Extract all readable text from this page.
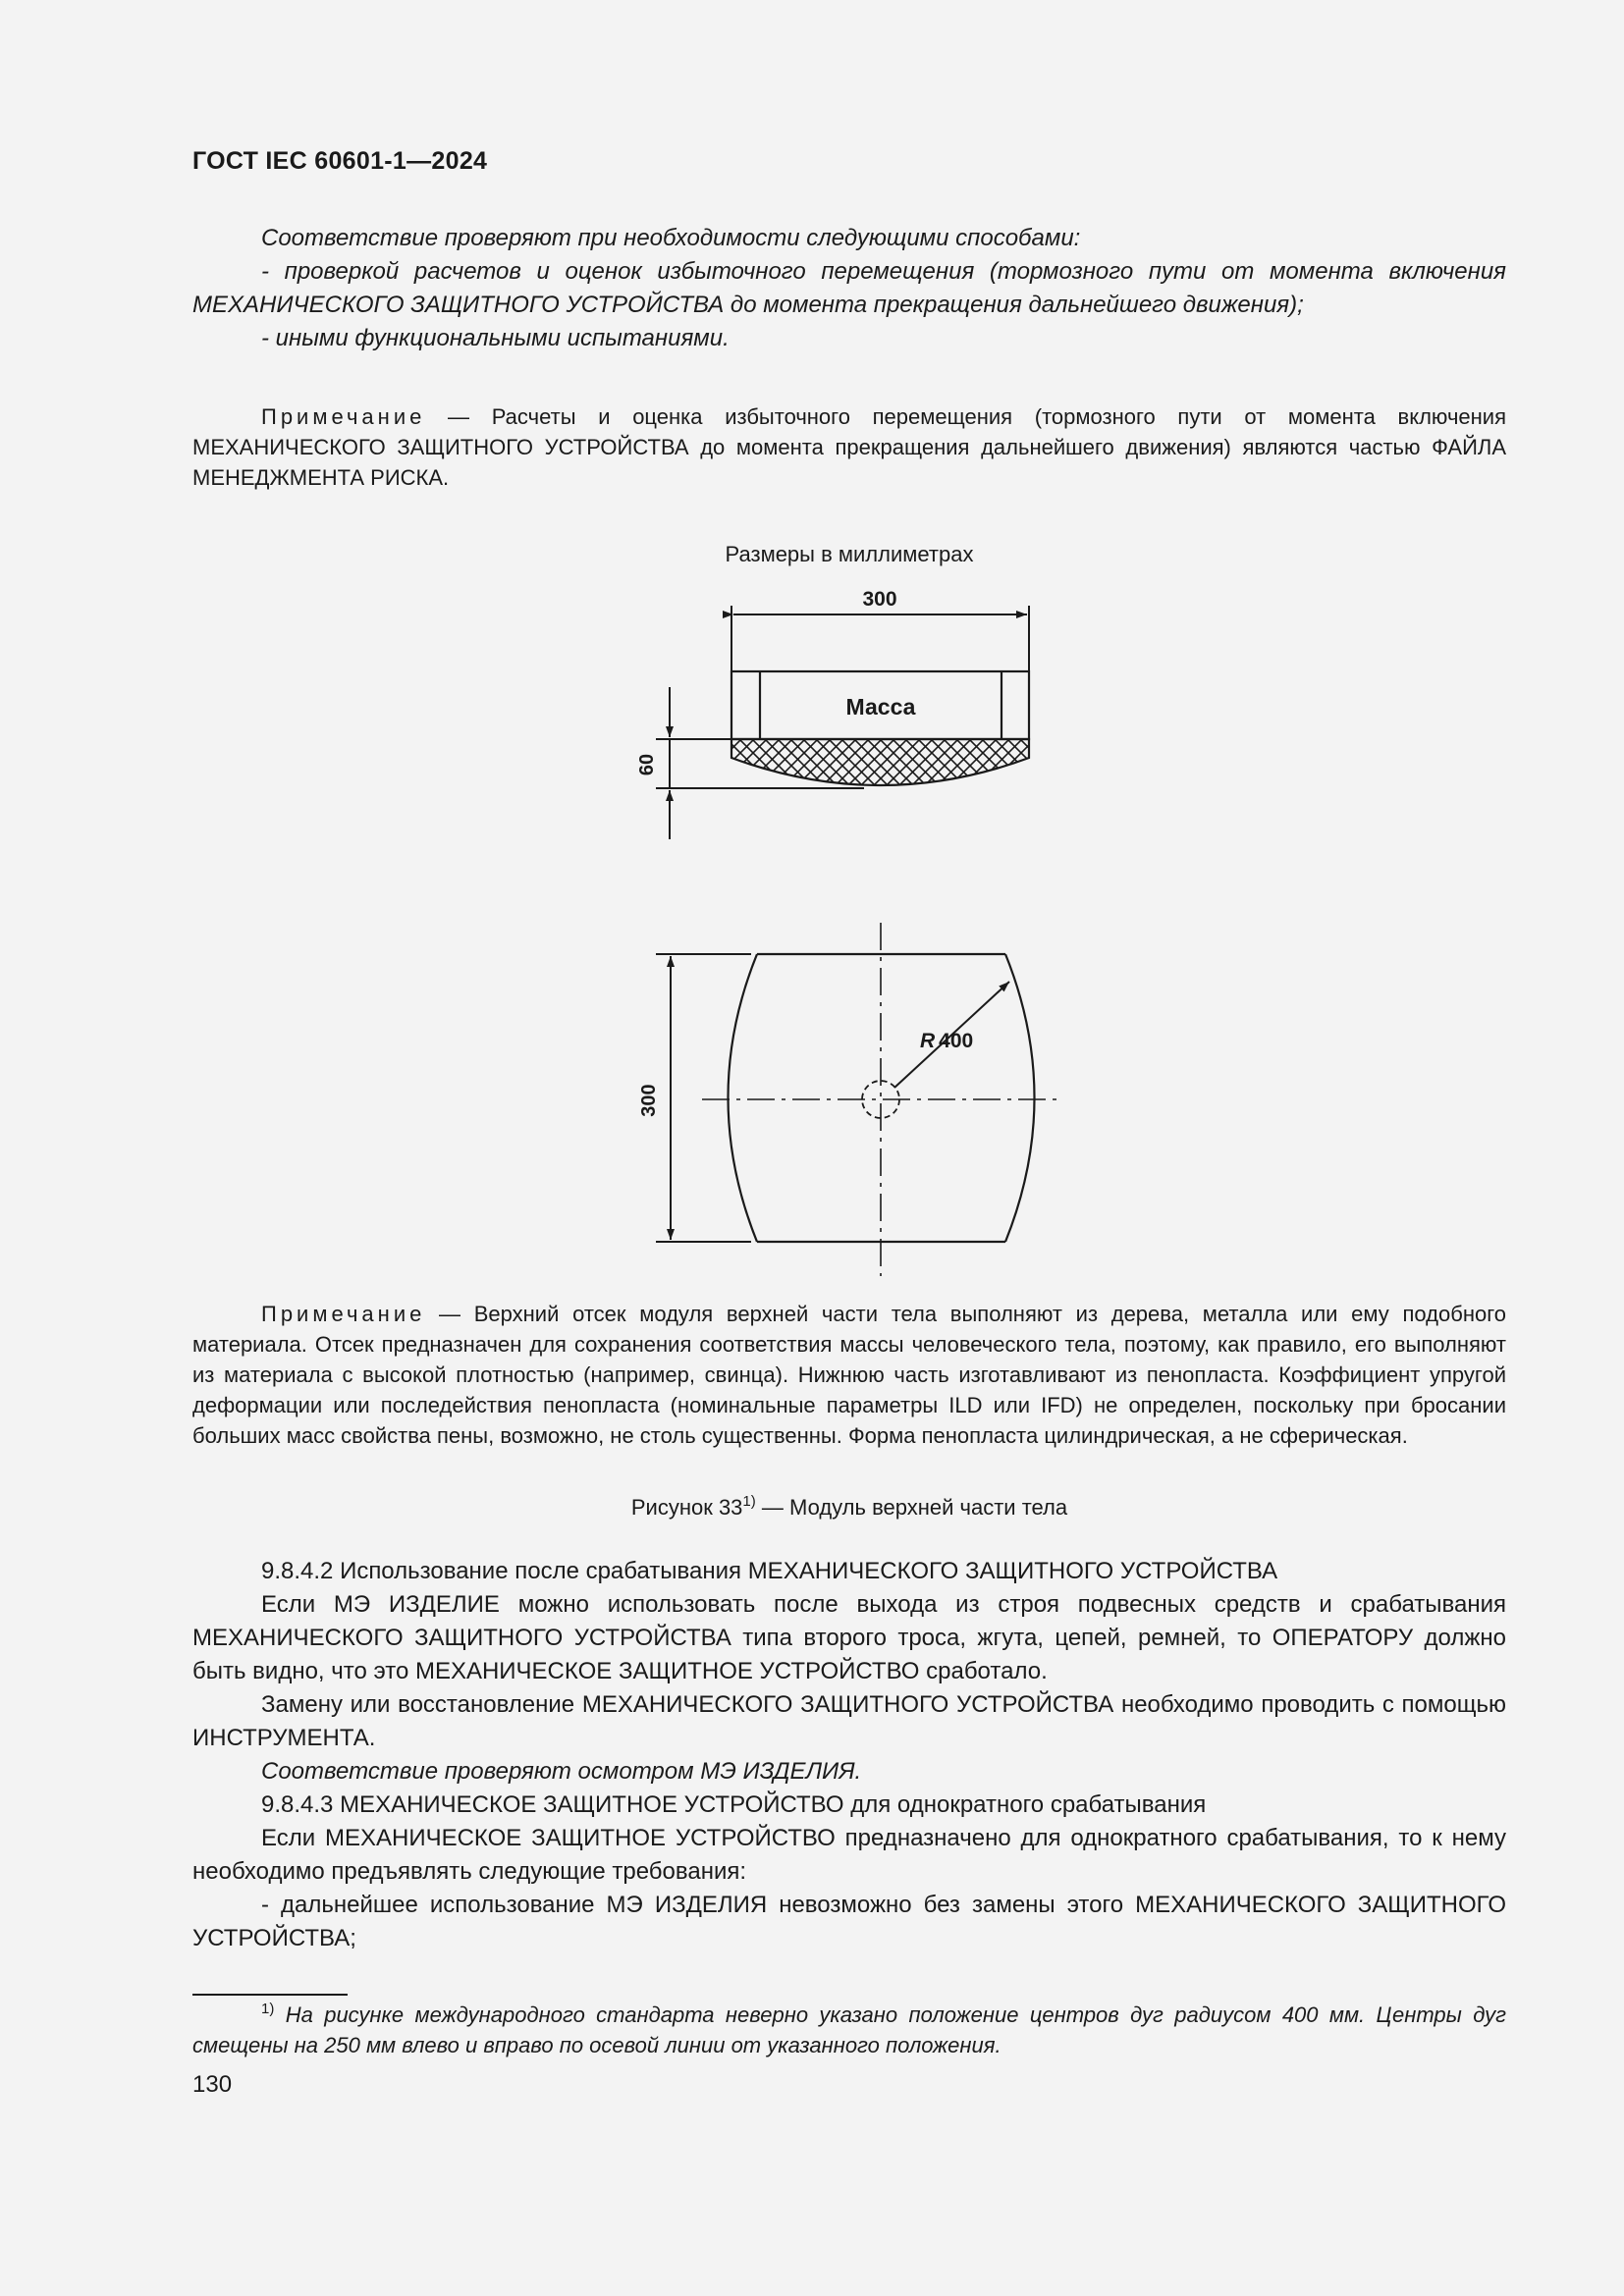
ГОСТ IEC 60601-1—2024

Соответствие проверяют при необходимости следующими способами:

- проверкой расчетов и оценок избыточного перемещения (тормозного пути от момента включения МЕХАНИЧЕСКОГО ЗАЩИТНОГО УСТРОЙСТВА до момента прекращения дальнейшего движения);

- иными функциональными испытаниями.

Примечание — Расчеты и оценка избыточного перемещения (тормозного пути от момента включения МЕХАНИЧЕСКОГО ЗАЩИТНОГО УСТРОЙСТВА до момента прекращения дальнейшего движения) являются частью ФАЙЛА МЕНЕДЖМЕНТА РИСКА.

Размеры в миллиметрах
300
Масса
60
R 400
300

Примечание — Верхний отсек модуля верхней части тела выполняют из дерева, металла или ему подобного материала. Отсек предназначен для сохранения соответствия массы человеческого тела, поэтому, как правило, его выполняют из материала с высокой плотностью (например, свинца). Нижнюю часть изготавливают из пенопласта. Коэффициент упругой деформации или последействия пенопласта (номинальные параметры ILD или IFD) не определен, поскольку при бросании больших масс свойства пены, возможно, не столь существенны. Форма пенопласта цилиндрическая, а не сферическая.

Рисунок 33$^{1)}$ — Модуль верхней части тела

9.8.4.2 Использование после срабатывания МЕХАНИЧЕСКОГО ЗАЩИТНОГО УСТРОЙСТВА

Если МЭ ИЗДЕЛИЕ можно использовать после выхода из строя подвесных средств и срабатывания МЕХАНИЧЕСКОГО ЗАЩИТНОГО УСТРОЙСТВА типа второго троса, жгута, цепей, ремней, то ОПЕРАТОРУ должно быть видно, что это МЕХАНИЧЕСКОЕ ЗАЩИТНОЕ УСТРОЙСТВО сработало.

Замену или восстановление МЕХАНИЧЕСКОГО ЗАЩИТНОГО УСТРОЙСТВА необходимо проводить с помощью ИНСТРУМЕНТА.

Соответствие проверяют осмотром МЭ ИЗДЕЛИЯ.

9.8.4.3 МЕХАНИЧЕСКОЕ ЗАЩИТНОЕ УСТРОЙСТВО для однократного срабатывания

Если МЕХАНИЧЕСКОЕ ЗАЩИТНОЕ УСТРОЙСТВО предназначено для однократного срабатывания, то к нему необходимо предъявлять следующие требования:

- дальнейшее использование МЭ ИЗДЕЛИЯ невозможно без замены этого МЕХАНИЧЕСКОГО ЗАЩИТНОГО УСТРОЙСТВА;

$^{1)}$ На рисунке международного стандарта неверно указано положение центров дуг радиусом 400 мм. Центры дуг смещены на 250 мм влево и вправо по осевой линии от указанного положения.

130
